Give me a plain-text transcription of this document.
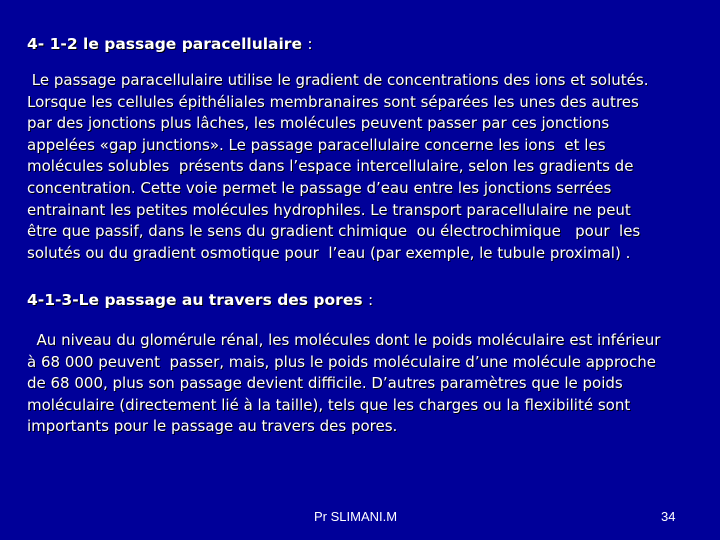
4- 1-2 le passage paracellulaire :
Le passage paracellulaire utilise le gradient de concentrations des ions et solutés.
Lorsque les cellules épithéliales membranaires sont séparées les unes des autres
par des jonctions plus lâches, les molécules peuvent passer par ces jonctions
appelées «gap junctions». Le passage paracellulaire concerne les ions  et les
molécules solubles  présents dans l’espace intercellulaire, selon les gradients de
concentration. Cette voie permet le passage d’eau entre les jonctions serrées
entrainant les petites molécules hydrophiles. Le transport paracellulaire ne peut
être que passif, dans le sens du gradient chimique  ou électrochimique   pour  les
solutés ou du gradient osmotique pour  l’eau (par exemple, le tubule proximal) .
4-1-3-Le passage au travers des pores :
Au niveau du glomérule rénal, les molécules dont le poids moléculaire est inférieur
à 68 000 peuvent  passer, mais, plus le poids moléculaire d’une molécule approche
de 68 000, plus son passage devient difficile. D’autres paramètres que le poids
moléculaire (directement lié à la taille), tels que les charges ou la flexibilité sont
importants pour le passage au travers des pores.
Pr SLIMANI.M	34
